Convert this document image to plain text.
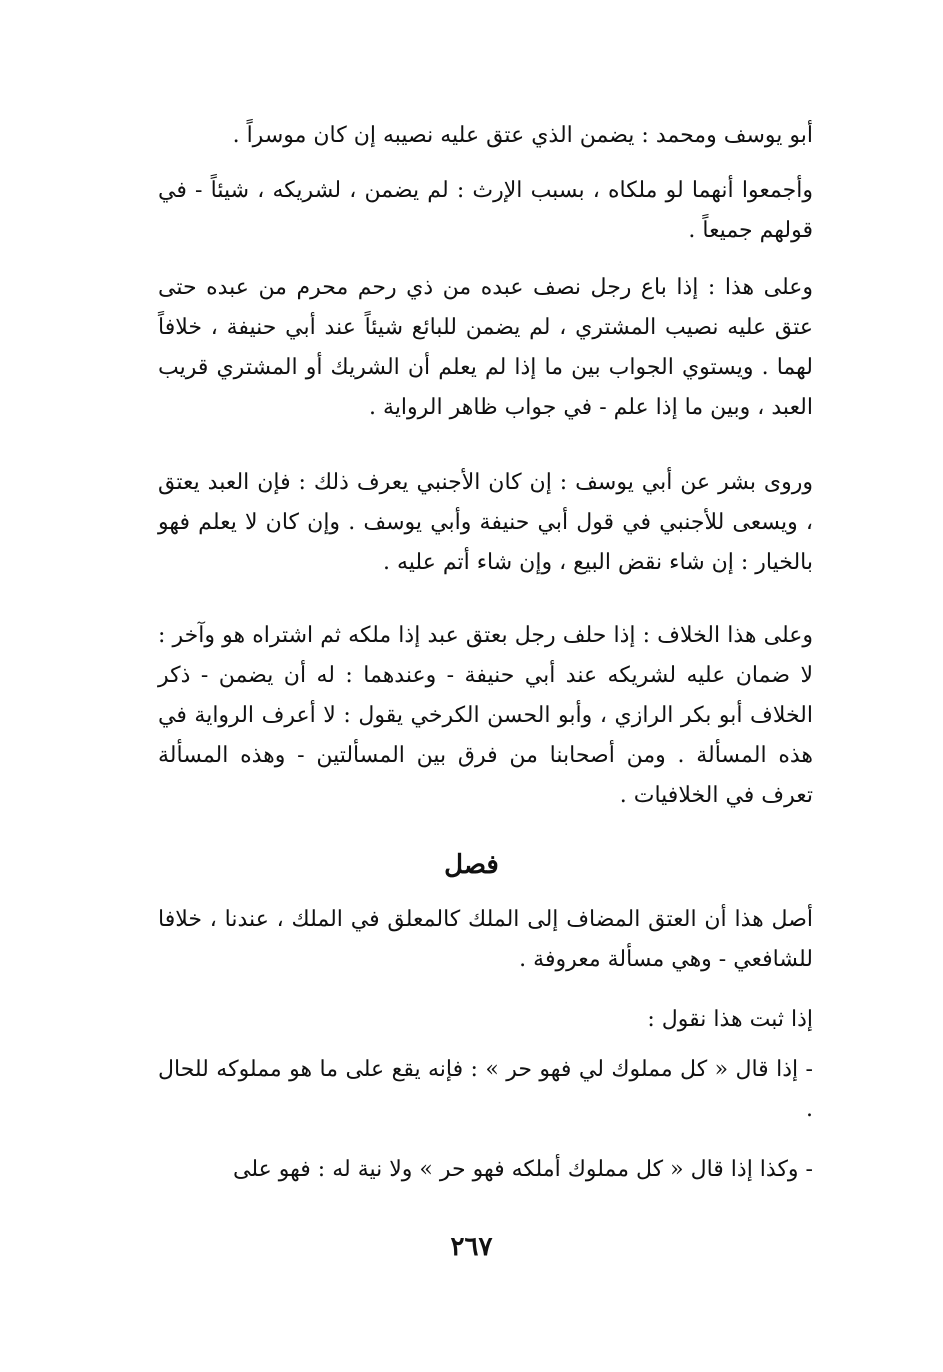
أبو يوسف ومحمد : يضمن الذي عتق عليه نصيبه إن كان موسراً .

وأجمعوا أنهما لو ملكاه ، بسبب الإرث : لم يضمن ، لشريكه ، شيئاً - في قولهم جميعاً .

وعلى هذا : إذا باع رجل نصف عبده من ذي رحم محرم من عبده حتى عتق عليه نصيب المشتري ، لم يضمن للبائع شيئاً عند أبي حنيفة ، خلافاً لهما . ويستوي الجواب بين ما إذا لم يعلم أن الشريك أو المشتري قريب العبد ، وبين ما إذا علم - في جواب ظاهر الرواية .

وروى بشر عن أبي يوسف : إن كان الأجنبي يعرف ذلك : فإن العبد يعتق ، ويسعى للأجنبي في قول أبي حنيفة وأبي يوسف . وإن كان لا يعلم فهو بالخيار : إن شاء نقض البيع ، وإن شاء أتم عليه .

وعلى هذا الخلاف : إذا حلف رجل بعتق عبد إذا ملكه ثم اشتراه هو وآخر : لا ضمان عليه لشريكه عند أبي حنيفة - وعندهما : له أن يضمن - ذكر الخلاف أبو بكر الرازي ، وأبو الحسن الكرخي يقول : لا أعرف الرواية في هذه المسألة . ومن أصحابنا من فرق بين المسألتين - وهذه المسألة تعرف في الخلافيات .

فصل

أصل هذا أن العتق المضاف إلى الملك كالمعلق في الملك ، عندنا ، خلافا للشافعي - وهي مسألة معروفة .

إذا ثبت هذا نقول :

- إذا قال « كل مملوك لي فهو حر » : فإنه يقع على ما هو مملوكه للحال .

- وكذا إذا قال « كل مملوك أملكه فهو حر » ولا نية له : فهو على

٢٦٧
